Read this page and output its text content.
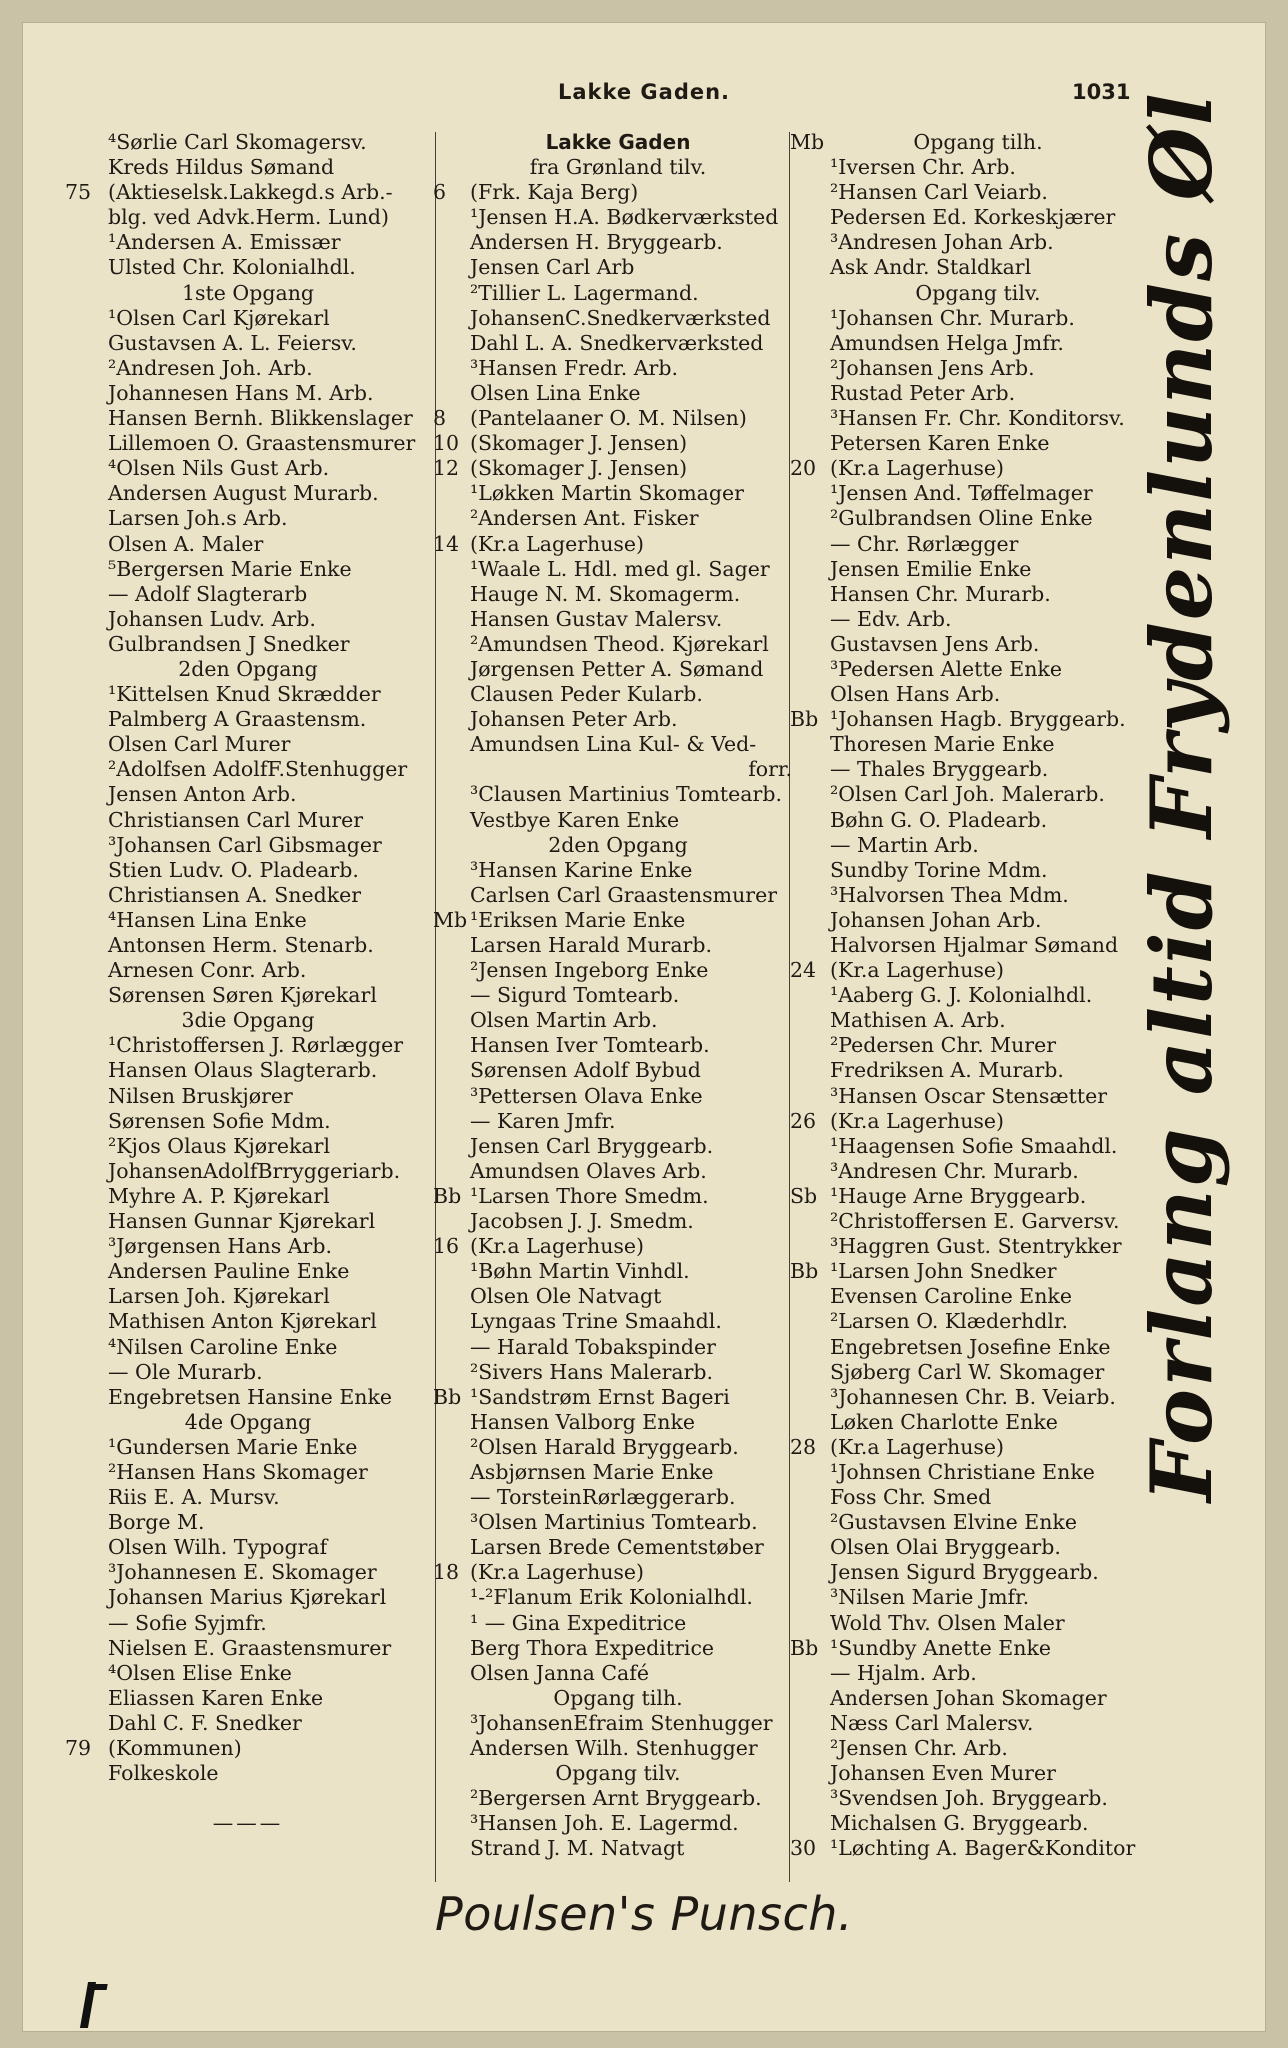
Lakke Gaden.	1031
⁴Sørlie Carl Skomagersv.
Kreds Hildus Sømand
75 (Aktieselsk.Lakkegd.s Arb.-
blg. ved Advk.Herm. Lund)
¹Andersen A. Emissær
Ulsted Chr. Kolonialhdl.
1ste Opgang
¹Olsen Carl Kjørekarl
Gustavsen A. L. Feiersv.
²Andresen Joh. Arb.
Johannesen Hans M. Arb.
Hansen Bernh. Blikkenslager
Lillemoen O. Graastensmurer
⁴Olsen Nils Gust Arb.
Andersen August Murarb.
Larsen Joh.s Arb.
Olsen A. Maler
⁵Bergersen Marie Enke
— Adolf Slagterarb
Johansen Ludv. Arb.
Gulbrandsen J Snedker
2den Opgang
¹Kittelsen Knud Skrædder
Palmberg A Graastensm.
Olsen Carl Murer
²Adolfsen AdolfF.Stenhugger
Jensen Anton Arb.
Christiansen Carl Murer
³Johansen Carl Gibsmager
Stien Ludv. O. Pladearb.
Christiansen A. Snedker
⁴Hansen Lina Enke
Antonsen Herm. Stenarb.
Arnesen Conr. Arb.
Sørensen Søren Kjørekarl
3die Opgang
¹Christoffersen J. Rørlægger
Hansen Olaus Slagterarb.
Nilsen Bruskjører
Sørensen Sofie Mdm.
²Kjos Olaus Kjørekarl
JohansenAdolfBrryggeriarb.
Myhre A. P. Kjørekarl
Hansen Gunnar Kjørekarl
³Jørgensen Hans Arb.
Andersen Pauline Enke
Larsen Joh. Kjørekarl
Mathisen Anton Kjørekarl
⁴Nilsen Caroline Enke
— Ole Murarb.
Engebretsen Hansine Enke
4de Opgang
¹Gundersen Marie Enke
²Hansen Hans Skomager
Riis E. A. Mursv.
Borge M.
Olsen Wilh. Typograf
³Johannesen E. Skomager
Johansen Marius Kjørekarl
— Sofie Syjmfr.
Nielsen E. Graastensmurer
⁴Olsen Elise Enke
Eliassen Karen Enke
Dahl C. F. Snedker
79 (Kommunen)
Folkeskole
———
Lakke Gaden
fra Grønland tilv.
6	(Frk. Kaja Berg)
¹Jensen H.A. Bødkerværksted
Andersen H. Bryggearb.
Jensen Carl Arb
²Tillier L. Lagermand.
JohansenC.Snedkerværksted
Dahl L. A. Snedkerværksted
³Hansen Fredr. Arb.
Olsen Lina Enke
8	(Pantelaaner O. M. Nilsen)
10 (Skomager J. Jensen)
12 (Skomager J. Jensen)
¹Løkken Martin Skomager
²Andersen Ant. Fisker
14 (Kr.a Lagerhuse)
¹Waale L. Hdl. med gl. Sager
Hauge N. M. Skomagerm.
Hansen Gustav Malersv.
²Amundsen Theod. Kjørekarl
Jørgensen Petter A. Sømand
Clausen Peder Kularb.
Johansen Peter Arb.
Amundsen Lina Kul- & Ved-
forr.
³Clausen Martinius Tomtearb.
Vestbye Karen Enke
2den Opgang
³Hansen Karine Enke
Carlsen Carl Graastensmurer
Mb ¹Eriksen Marie Enke
Larsen Harald Murarb.
²Jensen Ingeborg Enke
— Sigurd Tomtearb.
Olsen Martin Arb.
Hansen Iver Tomtearb.
Sørensen Adolf Bybud
³Pettersen Olava Enke
— Karen Jmfr.
Jensen Carl Bryggearb.
Amundsen Olaves Arb.
Bb ¹Larsen Thore Smedm.
Jacobsen J. J. Smedm.
16 (Kr.a Lagerhuse)
¹Bøhn Martin Vinhdl.
Olsen Ole Natvagt
Lyngaas Trine Smaahdl.
— Harald Tobakspinder
²Sivers Hans Malerarb.
Bb ¹Sandstrøm Ernst Bageri
Hansen Valborg Enke
²Olsen Harald Bryggearb.
Asbjørnsen Marie Enke
— TorsteinRørlæggerarb.
³Olsen Martinius Tomtearb.
Larsen Brede Cementstøber
18 (Kr.a Lagerhuse)
¹-²Flanum Erik Kolonialhdl.
¹ — Gina Expeditrice
Berg Thora Expeditrice
Olsen Janna Café
Opgang tilh.
³JohansenEfraim Stenhugger
Andersen Wilh. Stenhugger
Opgang tilv.
²Bergersen Arnt Bryggearb.
³Hansen Joh. E. Lagermd.
Strand J. M. Natvagt
Mb	Opgang tilh.
¹Iversen Chr. Arb.
²Hansen Carl Veiarb.
Pedersen Ed. Korkeskjærer
³Andresen Johan Arb.
Ask Andr. Staldkarl
Opgang tilv.
¹Johansen Chr. Murarb.
Amundsen Helga Jmfr.
²Johansen Jens Arb.
Rustad Peter Arb.
³Hansen Fr. Chr. Konditorsv.
Petersen Karen Enke
20 (Kr.a Lagerhuse)
¹Jensen And. Tøffelmager
²Gulbrandsen Oline Enke
— Chr. Rørlægger
Jensen Emilie Enke
Hansen Chr. Murarb.
— Edv. Arb.
Gustavsen Jens Arb.
³Pedersen Alette Enke
Olsen Hans Arb.
Bb ¹Johansen Hagb. Bryggearb.
Thoresen Marie Enke
— Thales Bryggearb.
²Olsen Carl Joh. Malerarb.
Bøhn G. O. Pladearb.
— Martin Arb.
Sundby Torine Mdm.
³Halvorsen Thea Mdm.
Johansen Johan Arb.
Halvorsen Hjalmar Sømand
24 (Kr.a Lagerhuse)
¹Aaberg G. J. Kolonialhdl.
Mathisen A. Arb.
²Pedersen Chr. Murer
Fredriksen A. Murarb.
³Hansen Oscar Stensætter
26 (Kr.a Lagerhuse)
¹Haagensen Sofie Smaahdl.
³Andresen Chr. Murarb.
Sb ¹Hauge Arne Bryggearb.
²Christoffersen E. Garversv.
³Haggren Gust. Stentrykker
Bb ¹Larsen John Snedker
Evensen Caroline Enke
²Larsen O. Klæderhdlr.
Engebretsen Josefine Enke
Sjøberg Carl W. Skomager
³Johannesen Chr. B. Veiarb.
Løken Charlotte Enke
28 (Kr.a Lagerhuse)
¹Johnsen Christiane Enke
Foss Chr. Smed
²Gustavsen Elvine Enke
Olsen Olai Bryggearb.
Jensen Sigurd Bryggearb.
³Nilsen Marie Jmfr.
Wold Thv. Olsen Maler
Bb ¹Sundby Anette Enke
— Hjalm. Arb.
Andersen Johan Skomager
Næss Carl Malersv.
²Jensen Chr. Arb.
Johansen Even Murer
³Svendsen Joh. Bryggearb.
Michalsen G. Bryggearb.
30 ¹Løchting A. Bager&Konditor
Forlang altid Frydenlunds Øl
Poulsen's Punsch.
